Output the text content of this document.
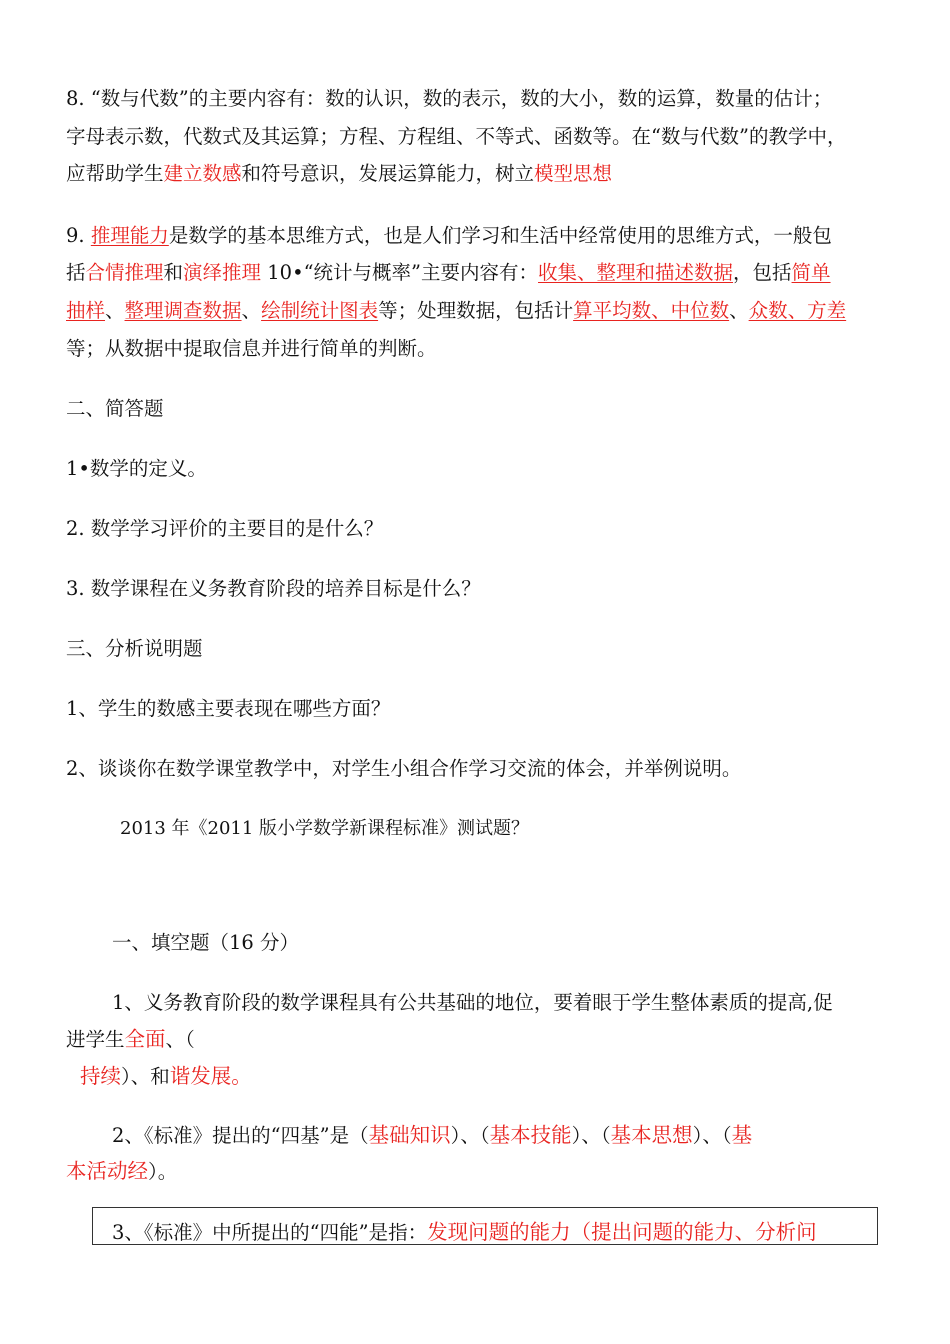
8. “数与代数”的主要内容有：数的认识，数的表示，数的大小，数的运算，数量的估计；
字母表示数，代数式及其运算；方程、方程组、不等式、函数等。在“数与代数”的教学中，
应帮助学生建立数感和符号意识，发展运算能力，树立模型思想
9. 推理能力是数学的基本思维方式，也是人们学习和生活中经常使用的思维方式，一般包
括合情推理和演绎推理 10•“统计与概率”主要内容有：收集、整理和描述数据，包括简单
抽样、整理调查数据、绘制统计图表等；处理数据，包括计算平均数、中位数、众数、方差
等；从数据中提取信息并进行简单的判断。
二、简答题
1•数学的定义。
2. 数学学习评价的主要目的是什么？
3. 数学课程在义务教育阶段的培养目标是什么？
三、分析说明题
1、学生的数感主要表现在哪些方面？
2、谈谈你在数学课堂教学中，对学生小组合作学习交流的体会，并举例说明。
2013 年《2011 版小学数学新课程标准》测试题？
一、填空题（16 分）
1、义务教育阶段的数学课程具有公共基础的地位，要着眼于学生整体素质的提高,促
进学生全面、（
持续）、和谐发展。
2、《标准》提出的“四基”是（基础知识）、（基本技能）、（基本思想）、（基
本活动经）。
3、《标准》中所提出的“四能”是指：发现问题的能力（提出问题的能力、分析问
